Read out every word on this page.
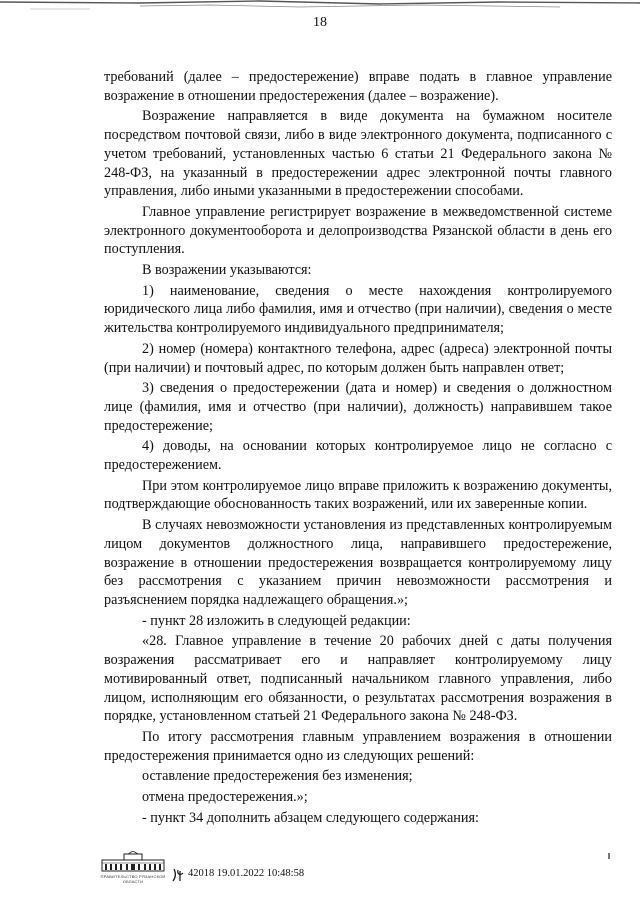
18

требований (далее – предостережение) вправе подать в главное управление возражение в отношении предостережения (далее – возражение).

Возражение направляется в виде документа на бумажном носителе посредством почтовой связи, либо в виде электронного документа, подписанного с учетом требований, установленных частью 6 статьи 21 Федерального закона № 248-ФЗ, на указанный в предостережении адрес электронной почты главного управления, либо иными указанными в предостережении способами.

Главное управление регистрирует возражение в межведомственной системе электронного документооборота и делопроизводства Рязанской области в день его поступления.

В возражении указываются:

1) наименование, сведения о месте нахождения контролируемого юридического лица либо фамилия, имя и отчество (при наличии), сведения о месте жительства контролируемого индивидуального предпринимателя;

2) номер (номера) контактного телефона, адрес (адреса) электронной почты (при наличии) и почтовый адрес, по которым должен быть направлен ответ;

3) сведения о предостережении (дата и номер) и сведения о должностном лице (фамилия, имя и отчество (при наличии), должность) направившем такое предостережение;

4) доводы, на основании которых контролируемое лицо не согласно с предостережением.

При этом контролируемое лицо вправе приложить к возражению документы, подтверждающие обоснованность таких возражений, или их заверенные копии.

В случаях невозможности установления из представленных контролируемым лицом документов должностного лица, направившего предостережение, возражение в отношении предостережения возвращается контролируемому лицу без рассмотрения с указанием причин невозможности рассмотрения и разъяснением порядка надлежащего обращения.»;

- пункт 28 изложить в следующей редакции:

«28. Главное управление в течение 20 рабочих дней с даты получения возражения рассматривает его и направляет контролируемому лицу мотивированный ответ, подписанный начальником главного управления, либо лицом, исполняющим его обязанности, о результатах рассмотрения возражения в порядке, установленном статьей 21 Федерального закона № 248-ФЗ.

По итогу рассмотрения главным управлением возражения в отношении предостережения принимается одно из следующих решений:

оставление предостережения без изменения;

отмена предостережения.»;

- пункт 34 дополнить абзацем следующего содержания:

ПРАВИТЕЛЬСТВО РЯЗАНСКОЙ ОБЛАСТИ
42018 19.01.2022 10:48:58
